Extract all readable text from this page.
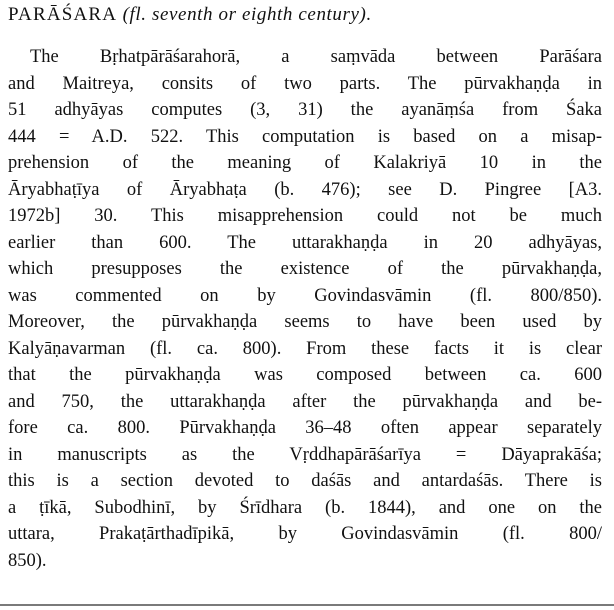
PARĀŚARA (fl. seventh or eighth century).
The Bṛhatpārāśarahorā, a saṃvāda between Parāśara
and Maitreya, consits of two parts. The pūrvakhaṇḍa in
51 adhyāyas computes (3, 31) the ayanāṃśa from Śaka
444 = A.D. 522. This computation is based on a misap-
prehension of the meaning of Kalakriyā 10 in the
Āryabhaṭīya of Āryabhaṭa (b. 476); see D. Pingree [A3.
1972b] 30. This misapprehension could not be much
earlier than 600. The uttarakhaṇḍa in 20 adhyāyas,
which presupposes the existence of the pūrvakhaṇḍa,
was commented on by Govindasvāmin (fl. 800/850).
Moreover, the pūrvakhaṇḍa seems to have been used by
Kalyāṇavarman (fl. ca. 800). From these facts it is clear
that the pūrvakhaṇḍa was composed between ca. 600
and 750, the uttarakhaṇḍa after the pūrvakhaṇḍa and be-
fore ca. 800. Pūrvakhaṇḍa 36–48 often appear separately
in manuscripts as the Vṛddhapārāśarīya = Dāyaprakāśa;
this is a section devoted to daśās and antardaśās. There is
a ṭīkā, Subodhinī, by Śrīdhara (b. 1844), and one on the
uttara, Prakaṭārthadīpikā, by Govindasvāmin (fl. 800/
850).
